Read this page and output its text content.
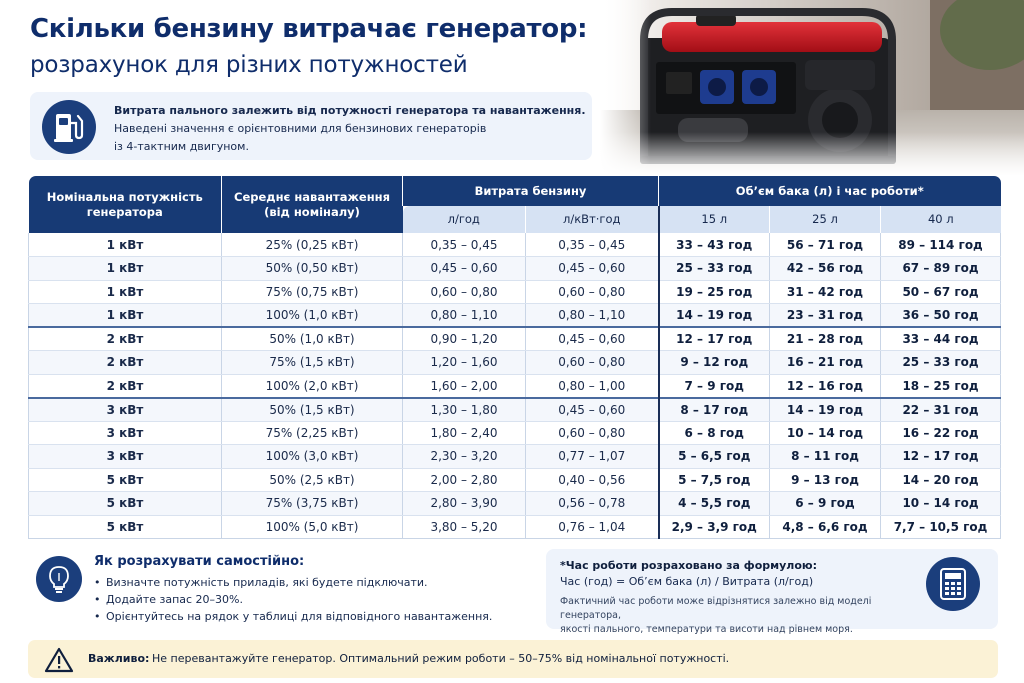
Скільки бензину витрачає генератор:
розрахунок для різних потужностей
Витрата пального залежить від потужності генератора та навантаження.
Наведені значення є орієнтовними для бензинових генераторів
із 4-тактним двигуном.
Номінальна потужність генератора	Середнє навантаження (від номіналу)	Витрата бензину		Об’єм бака (л) і час роботи*		
		л/год	л/кВт·год	15 л	25 л	40 л
1 кВт	25% (0,25 кВт)	0,35 – 0,45	0,35 – 0,45	33 – 43 год	56 – 71 год	89 – 114 год
1 кВт	50% (0,50 кВт)	0,45 – 0,60	0,45 – 0,60	25 – 33 год	42 – 56 год	67 – 89 год
1 кВт	75% (0,75 кВт)	0,60 – 0,80	0,60 – 0,80	19 – 25 год	31 – 42 год	50 – 67 год
1 кВт	100% (1,0 кВт)	0,80 – 1,10	0,80 – 1,10	14 – 19 год	23 – 31 год	36 – 50 год
2 кВт	50% (1,0 кВт)	0,90 – 1,20	0,45 – 0,60	12 – 17 год	21 – 28 год	33 – 44 год
2 кВт	75% (1,5 кВт)	1,20 – 1,60	0,60 – 0,80	9 – 12 год	16 – 21 год	25 – 33 год
2 кВт	100% (2,0 кВт)	1,60 – 2,00	0,80 – 1,00	7 – 9 год	12 – 16 год	18 – 25 год
3 кВт	50% (1,5 кВт)	1,30 – 1,80	0,45 – 0,60	8 – 17 год	14 – 19 год	22 – 31 год
3 кВт	75% (2,25 кВт)	1,80 – 2,40	0,60 – 0,80	6 – 8 год	10 – 14 год	16 – 22 год
3 кВт	100% (3,0 кВт)	2,30 – 3,20	0,77 – 1,07	5 – 6,5 год	8 – 11 год	12 – 17 год
5 кВт	50% (2,5 кВт)	2,00 – 2,80	0,40 – 0,56	5 – 7,5 год	9 – 13 год	14 – 20 год
5 кВт	75% (3,75 кВт)	2,80 – 3,90	0,56 – 0,78	4 – 5,5 год	6 – 9 год	10 – 14 год
5 кВт	100% (5,0 кВт)	3,80 – 5,20	0,76 – 1,04	2,9 – 3,9 год	4,8 – 6,6 год	7,7 – 10,5 год
Як розрахувати самостійно:
• Визначте потужність приладів, які будете підключати.
• Додайте запас 20–30%.
• Орієнтуйтесь на рядок у таблиці для відповідного навантаження.
*Час роботи розраховано за формулою:
Час (год) = Об’єм бака (л) / Витрата (л/год)
Фактичний час роботи може відрізнятися залежно від моделі генератора,
якості пального, температури та висоти над рівнем моря.
Важливо: Не перевантажуйте генератор. Оптимальний режим роботи – 50–75% від номінальної потужності.
